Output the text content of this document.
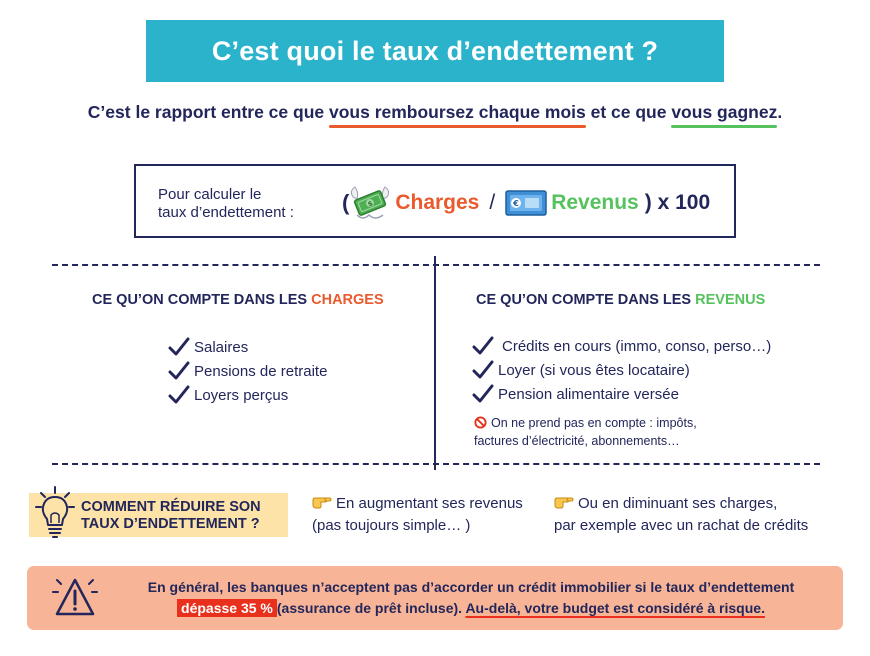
C’est quoi le taux d’endettement ?
C’est le rapport entre ce que vous remboursez chaque mois
et ce que vous gagnez
.
Pour calculer le
taux d’endettement : (	$ Charges / € Revenus ) x 100
CE QU’ON COMPTE DANS LES CHARGES	CE QU’ON COMPTE DANS LES REVENUS
Salaires
Pensions de retraite
Loyers perçus
Crédits en cours (immo, conso, perso…)
Loyer (si vous êtes locataire)
Pension alimentaire versée
On ne prend pas en compte : impôts,
factures d’électricité, abonnements…
COMMENT RÉDUIRE SON
TAUX D’ENDETTEMENT ?
En augmentant ses revenus
(pas toujours simple… )
Ou en diminuant ses charges,
par exemple avec un rachat de crédits
En général, les banques n’acceptent pas d’accorder un crédit immobilier si le taux d’endettement
dépasse 35 % (assurance de prêt incluse). Au-delà, votre budget est considéré à risque.
